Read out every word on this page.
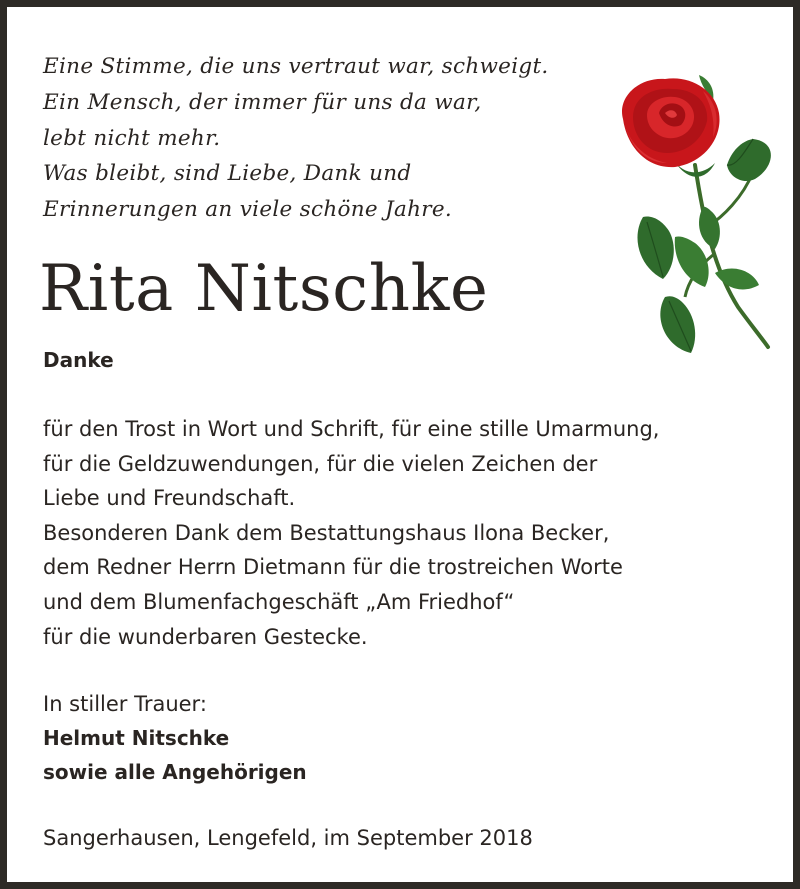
Eine Stimme, die uns vertraut war, schweigt.
Ein Mensch, der immer für uns da war,
lebt nicht mehr.
Was bleibt, sind Liebe, Dank und
Erinnerungen an viele schöne Jahre.
Rita Nitschke
Danke
für den Trost in Wort und Schrift, für eine stille Umarmung,
für die Geldzuwendungen, für die vielen Zeichen der
Liebe und Freundschaft.
Besonderen Dank dem Bestattungshaus Ilona Becker,
dem Redner Herrn Dietmann für die trostreichen Worte
und dem Blumenfachgeschäft „Am Friedhof“
für die wunderbaren Gestecke.
In stiller Trauer:
Helmut Nitschke
sowie alle Angehörigen
Sangerhausen, Lengefeld, im September 2018
